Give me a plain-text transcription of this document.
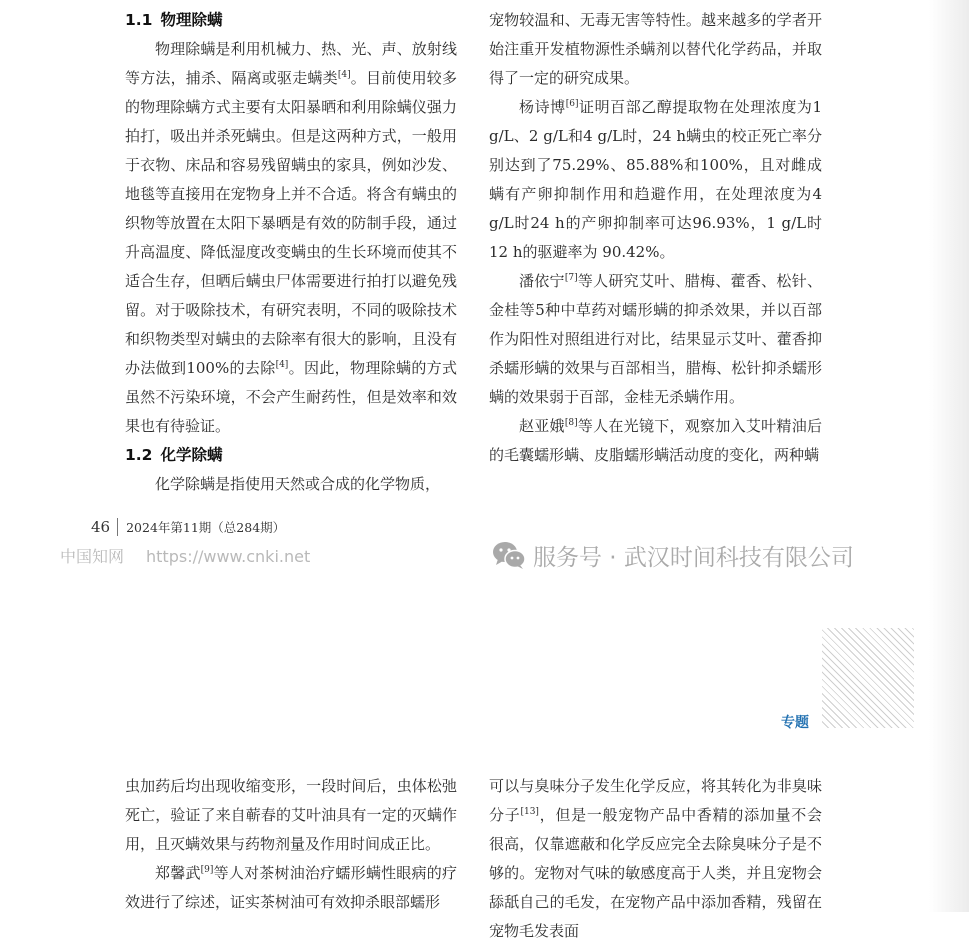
1.1 物理除螨

物理除螨是利用机械力、热、光、声、放射线等方法，捕杀、隔离或驱走螨类[4]。目前使用较多的物理除螨方式主要有太阳暴晒和利用除螨仪强力拍打，吸出并杀死螨虫。但是这两种方式，一般用于衣物、床品和容易残留螨虫的家具，例如沙发、地毯等直接用在宠物身上并不合适。将含有螨虫的织物等放置在太阳下暴晒是有效的防制手段，通过升高温度、降低湿度改变螨虫的生长环境而使其不适合生存，但晒后螨虫尸体需要进行拍打以避免残留。对于吸除技术，有研究表明，不同的吸除技术和织物类型对螨虫的去除率有很大的影响，且没有办法做到100%的去除[4]。因此，物理除螨的方式虽然不污染环境，不会产生耐药性，但是效率和效果也有待验证。

1.2 化学除螨

化学除螨是指使用天然或合成的化学物质，

宠物较温和、无毒无害等特性。越来越多的学者开始注重开发植物源性杀螨剂以替代化学药品，并取得了一定的研究成果。

杨诗博[6]证明百部乙醇提取物在处理浓度为1 g/L、2 g/L和4 g/L时，24 h螨虫的校正死亡率分别达到了75.29%、85.88%和100%，且对雌成螨有产卵抑制作用和趋避作用，在处理浓度为4 g/L时24 h的产卵抑制率可达96.93%，1 g/L时12 h的驱避率为 90.42%。

潘依宁[7]等人研究艾叶、腊梅、藿香、松针、金桂等5种中草药对蠕形螨的抑杀效果，并以百部作为阳性对照组进行对比，结果显示艾叶、藿香抑杀蠕形螨的效果与百部相当，腊梅、松针抑杀蠕形螨的效果弱于百部，金桂无杀螨作用。

赵亚娥[8]等人在光镜下，观察加入艾叶精油后的毛囊蠕形螨、皮脂蠕形螨活动度的变化，两种螨

46	2024年第11期（总284期）
中国知网 https://www.cnki.net	服务号 · 武汉时间科技有限公司
专题

虫加药后均出现收缩变形，一段时间后，虫体松弛死亡，验证了来自蕲春的艾叶油具有一定的灭螨作用，且灭螨效果与药物剂量及作用时间成正比。

郑馨武[9]等人对茶树油治疗蠕形螨性眼病的疗效进行了综述，证实茶树油可有效抑杀眼部蠕形

可以与臭味分子发生化学反应，将其转化为非臭味分子[13]，但是一般宠物产品中香精的添加量不会很高，仅靠遮蔽和化学反应完全去除臭味分子是不够的。宠物对气味的敏感度高于人类，并且宠物会舔舐自己的毛发，在宠物产品中添加香精，残留在宠物毛发表面
